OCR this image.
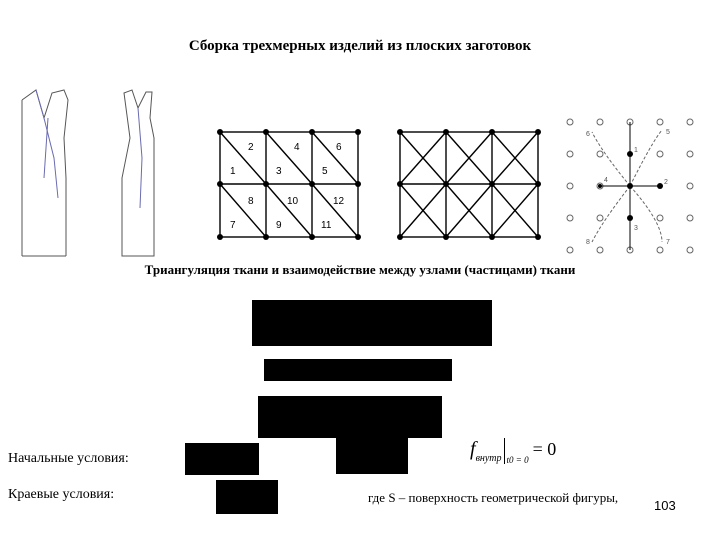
Сборка трехмерных изделий из плоских заготовок
1
2
3
4
5
6
7
8
9
10
11
12
1
2
3
4
5
6
7
8
Триангуляция ткани и взаимодействие между узлами (частицами) ткани
Начальные условия:
Краевые условия:
$f_{внутр}$ $_{t0 = 0}$= 0
где S – поверхность геометрической фигуры,
103
